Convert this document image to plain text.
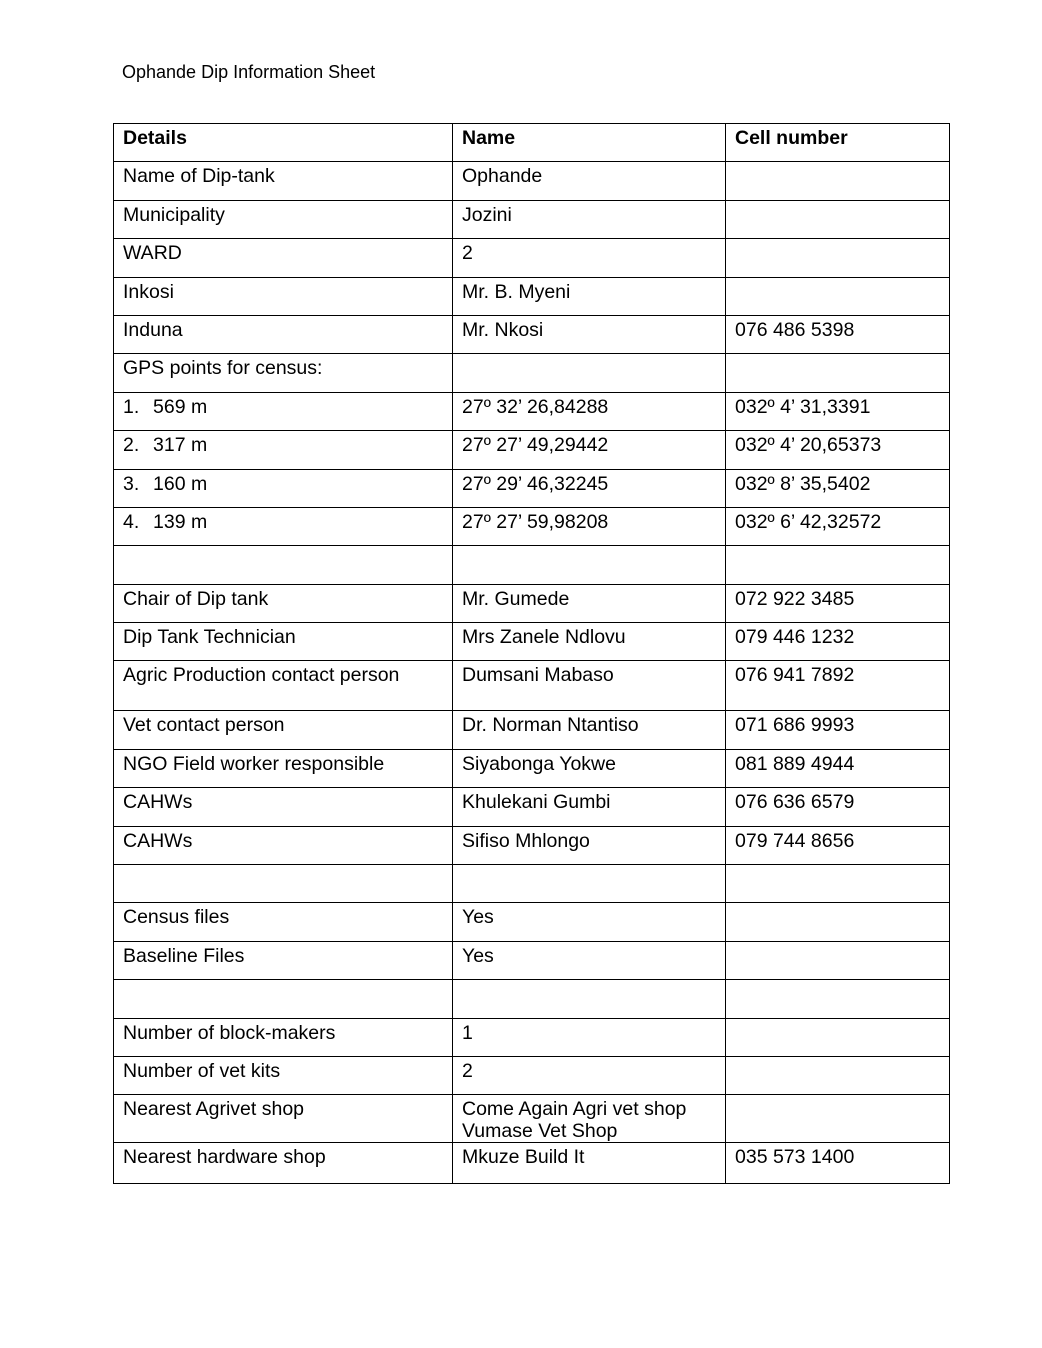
Ophande Dip Information Sheet
Details	Name	Cell number
Name of Dip-tank	Ophande	
Municipality	Jozini	
WARD	2	
Inkosi	Mr. B. Myeni	
Induna	Mr. Nkosi	076 486 5398
GPS points for census:		
1. 569 m	27º 32’ 26,84288	032º 4’ 31,3391
2. 317 m	27º 27’ 49,29442	032º 4’ 20,65373
3. 160 m	27º 29’ 46,32245	032º 8’ 35,5402
4. 139 m	27º 27’ 59,98208	032º 6’ 42,32572

Chair of Dip tank	Mr. Gumede	072 922 3485
Dip Tank Technician	Mrs Zanele Ndlovu	079 446 1232
Agric Production contact person	Dumsani Mabaso	076 941 7892
Vet contact person	Dr. Norman Ntantiso	071 686 9993
NGO Field worker responsible	Siyabonga Yokwe	081 889 4944
CAHWs	Khulekani Gumbi	076 636 6579
CAHWs	Sifiso Mhlongo	079 744 8656

Census files	Yes	
Baseline Files	Yes	

Number of block-makers	1	
Number of vet kits	2	
Nearest Agrivet shop	Come Again Agri vet shop
Vumase Vet Shop	

Nearest hardware shop	Mkuze Build It	035 573 1400
